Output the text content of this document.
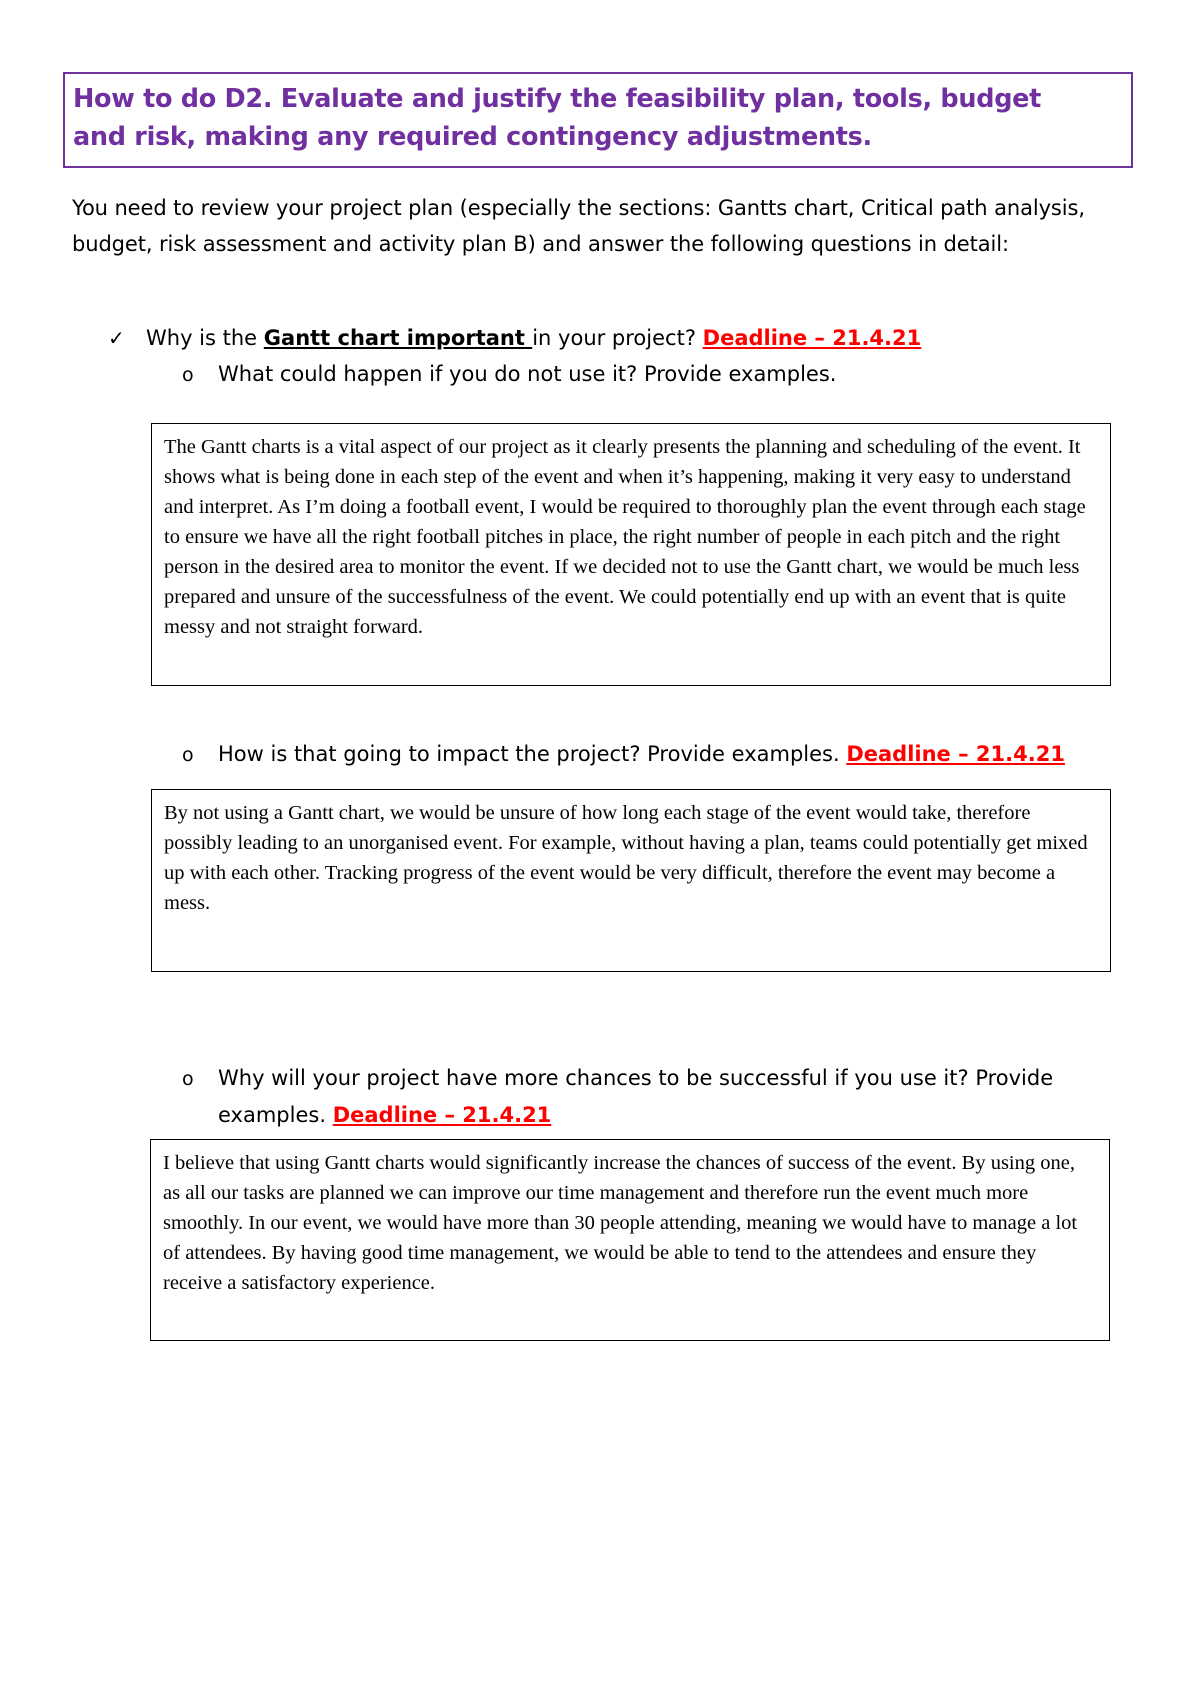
How to do D2. Evaluate and justify the feasibility plan, tools, budget
and risk, making any required contingency adjustments.
You need to review your project plan (especially the sections: Gantts chart, Critical path analysis, budget, risk assessment and activity plan B) and answer the following questions in detail:
✓ Why is the Gantt chart important in your project? Deadline – 21.4.21
o What could happen if you do not use it? Provide examples.
The Gantt charts is a vital aspect of our project as it clearly presents the planning and scheduling of the event. It shows what is being done in each step of the event and when it’s happening, making it very easy to understand and interpret. As I’m doing a football event, I would be required to thoroughly plan the event through each stage to ensure we have all the right football pitches in place, the right number of people in each pitch and the right person in the desired area to monitor the event. If we decided not to use the Gantt chart, we would be much less prepared and unsure of the successfulness of the event. We could potentially end up with an event that is quite messy and not straight forward.
o How is that going to impact the project? Provide examples. Deadline – 21.4.21
By not using a Gantt chart, we would be unsure of how long each stage of the event would take, therefore possibly leading to an unorganised event. For example, without having a plan, teams could potentially get mixed up with each other. Tracking progress of the event would be very difficult, therefore the event may become a mess.
o Why will your project have more chances to be successful if you use it? Provide
examples. Deadline – 21.4.21
I believe that using Gantt charts would significantly increase the chances of success of the event. By using one, as all our tasks are planned we can improve our time management and therefore run the event much more smoothly. In our event, we would have more than 30 people attending, meaning we would have to manage a lot of attendees. By having good time management, we would be able to tend to the attendees and ensure they receive a satisfactory experience.
